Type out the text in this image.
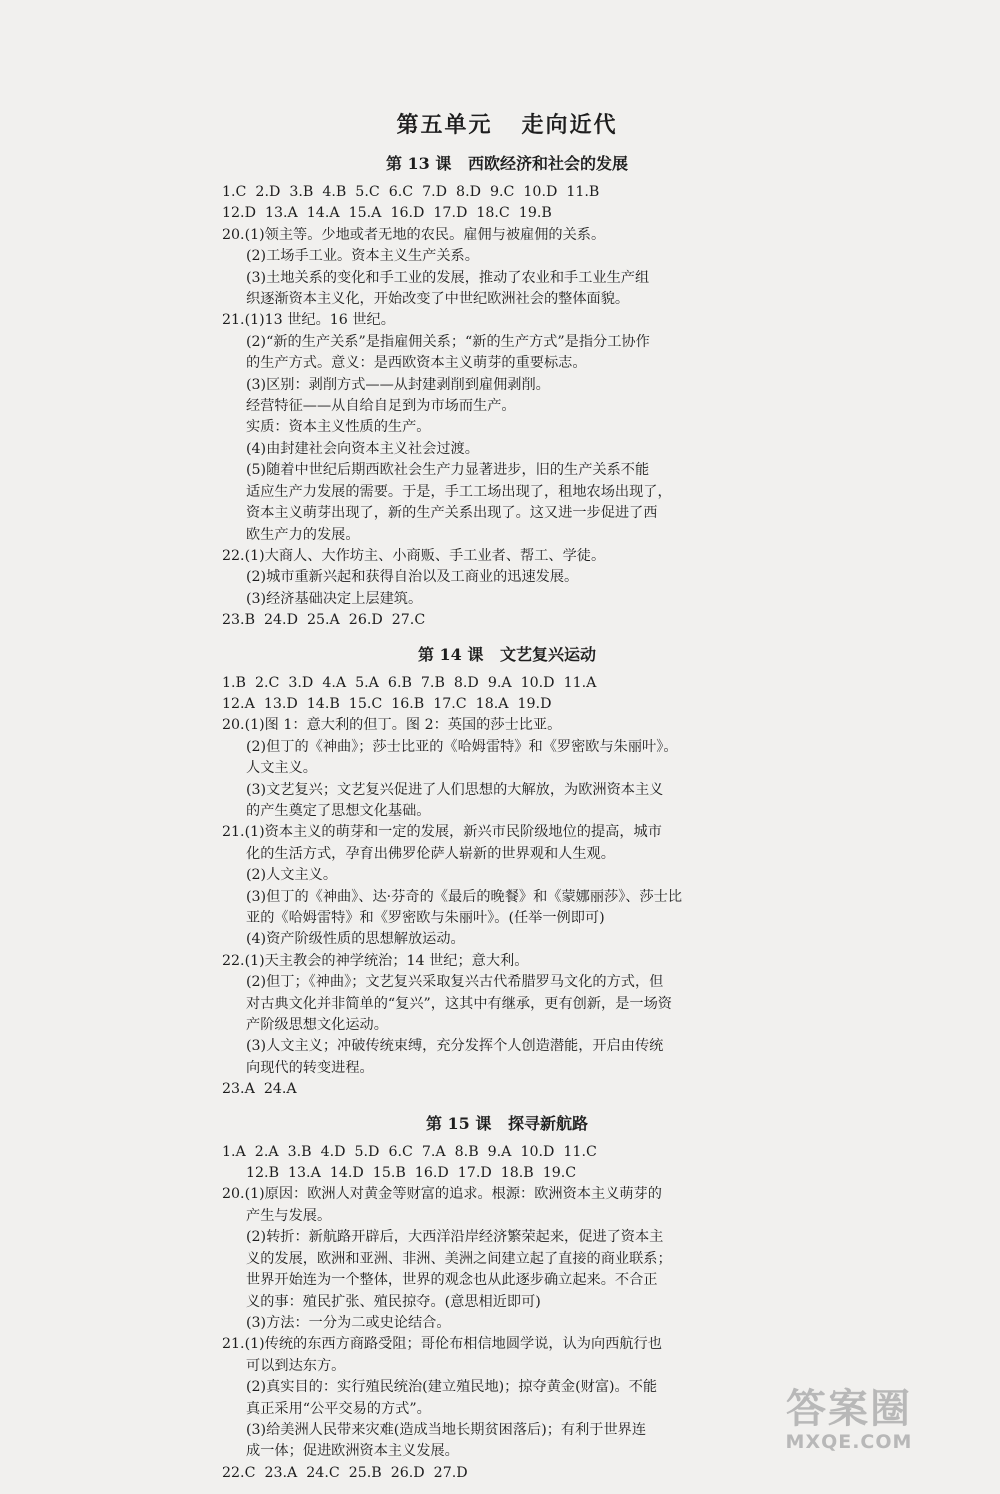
第五单元   走向近代
第 13 课   西欧经济和社会的发展
1.C  2.D  3.B  4.B  5.C  6.C  7.D  8.D  9.C  10.D  11.B
12.D  13.A  14.A  15.A  16.D  17.D  18.C  19.B
20.(1)领主等。少地或者无地的农民。雇佣与被雇佣的关系。
(2)工场手工业。资本主义生产关系。
(3)土地关系的变化和手工业的发展，推动了农业和手工业生产组
织逐渐资本主义化，开始改变了中世纪欧洲社会的整体面貌。
21.(1)13 世纪。16 世纪。
(2)“新的生产关系”是指雇佣关系；“新的生产方式”是指分工协作
的生产方式。意义：是西欧资本主义萌芽的重要标志。
(3)区别：剥削方式——从封建剥削到雇佣剥削。
经营特征——从自给自足到为市场而生产。
实质：资本主义性质的生产。
(4)由封建社会向资本主义社会过渡。
(5)随着中世纪后期西欧社会生产力显著进步，旧的生产关系不能
适应生产力发展的需要。于是，手工工场出现了，租地农场出现了，
资本主义萌芽出现了，新的生产关系出现了。这又进一步促进了西
欧生产力的发展。
22.(1)大商人、大作坊主、小商贩、手工业者、帮工、学徒。
(2)城市重新兴起和获得自治以及工商业的迅速发展。
(3)经济基础决定上层建筑。
23.B  24.D  25.A  26.D  27.C
第 14 课   文艺复兴运动
1.B  2.C  3.D  4.A  5.A  6.B  7.B  8.D  9.A  10.D  11.A
12.A  13.D  14.B  15.C  16.B  17.C  18.A  19.D
20.(1)图 1：意大利的但丁。图 2：英国的莎士比亚。
(2)但丁的《神曲》；莎士比亚的《哈姆雷特》和《罗密欧与朱丽叶》。
人文主义。
(3)文艺复兴；文艺复兴促进了人们思想的大解放，为欧洲资本主义
的产生奠定了思想文化基础。
21.(1)资本主义的萌芽和一定的发展，新兴市民阶级地位的提高，城市
化的生活方式，孕育出佛罗伦萨人崭新的世界观和人生观。
(2)人文主义。
(3)但丁的《神曲》、达·芬奇的《最后的晚餐》和《蒙娜丽莎》、莎士比
亚的《哈姆雷特》和《罗密欧与朱丽叶》。(任举一例即可)
(4)资产阶级性质的思想解放运动。
22.(1)天主教会的神学统治；14 世纪；意大利。
(2)但丁；《神曲》；文艺复兴采取复兴古代希腊罗马文化的方式，但
对古典文化并非简单的“复兴”，这其中有继承，更有创新，是一场资
产阶级思想文化运动。
(3)人文主义；冲破传统束缚，充分发挥个人创造潜能，开启由传统
向现代的转变进程。
23.A  24.A
第 15 课   探寻新航路
1.A  2.A  3.B  4.D  5.D  6.C  7.A  8.B  9.A  10.D  11.C
12.B  13.A  14.D  15.B  16.D  17.D  18.B  19.C
20.(1)原因：欧洲人对黄金等财富的追求。根源：欧洲资本主义萌芽的
产生与发展。
(2)转折：新航路开辟后，大西洋沿岸经济繁荣起来，促进了资本主
义的发展，欧洲和亚洲、非洲、美洲之间建立起了直接的商业联系；
世界开始连为一个整体，世界的观念也从此逐步确立起来。不合正
义的事：殖民扩张、殖民掠夺。(意思相近即可)
(3)方法：一分为二或史论结合。
21.(1)传统的东西方商路受阻；哥伦布相信地圆学说，认为向西航行也
可以到达东方。
(2)真实目的：实行殖民统治(建立殖民地)；掠夺黄金(财富)。不能
真正采用“公平交易的方式”。
(3)给美洲人民带来灾难(造成当地长期贫困落后)；有利于世界连
成一体；促进欧洲资本主义发展。
22.C  23.A  24.C  25.B  26.D  27.D
答案圈
MXQE.COM
